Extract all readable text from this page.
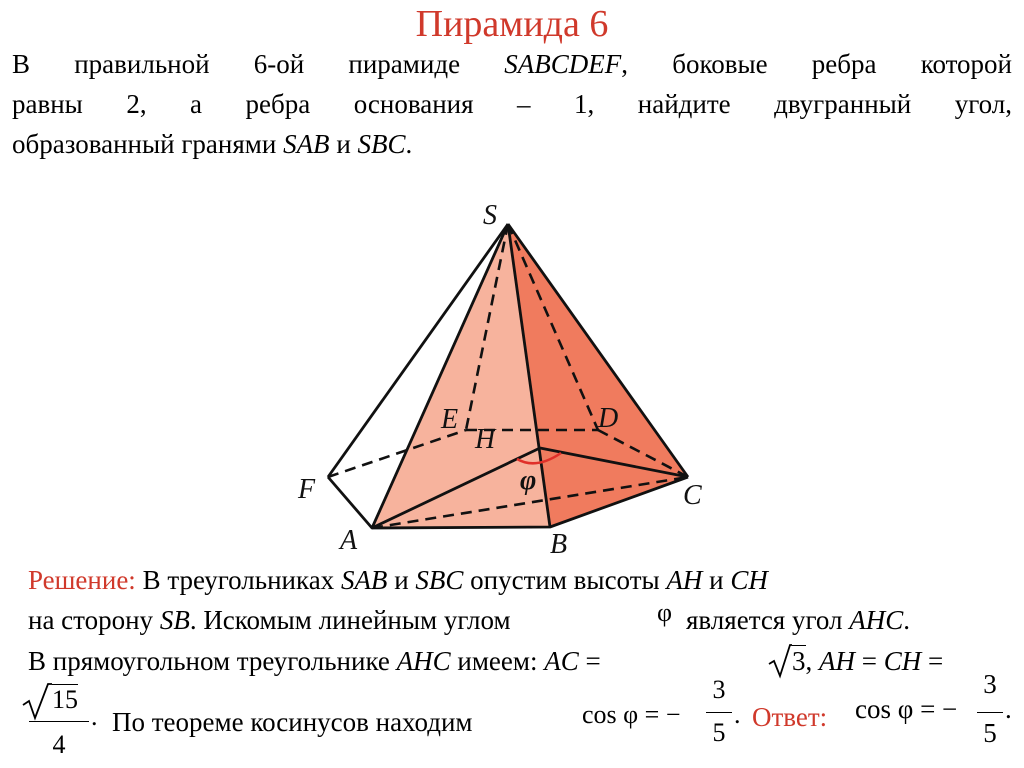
Пирамида 6
В правильной 6-ой пирамиде SABCDEF, боковые ребра которой
равны 2, а ребра основания – 1, найдите двугранный угол,
образованный гранями SAB и SBC.
S
A	B
C
D
E
F
H
φ
Решение: В треугольниках SAB и SBC опустим высоты AH и CH
на сторону SB. Искомым линейным углом	φ является угол AHC.
В прямоугольном треугольнике AHC имеем: AC =	3, AH = CH =
15
4
. По теореме косинусов находим	cos φ = −
3
5
. Ответ: cos φ = −
3
5
.
